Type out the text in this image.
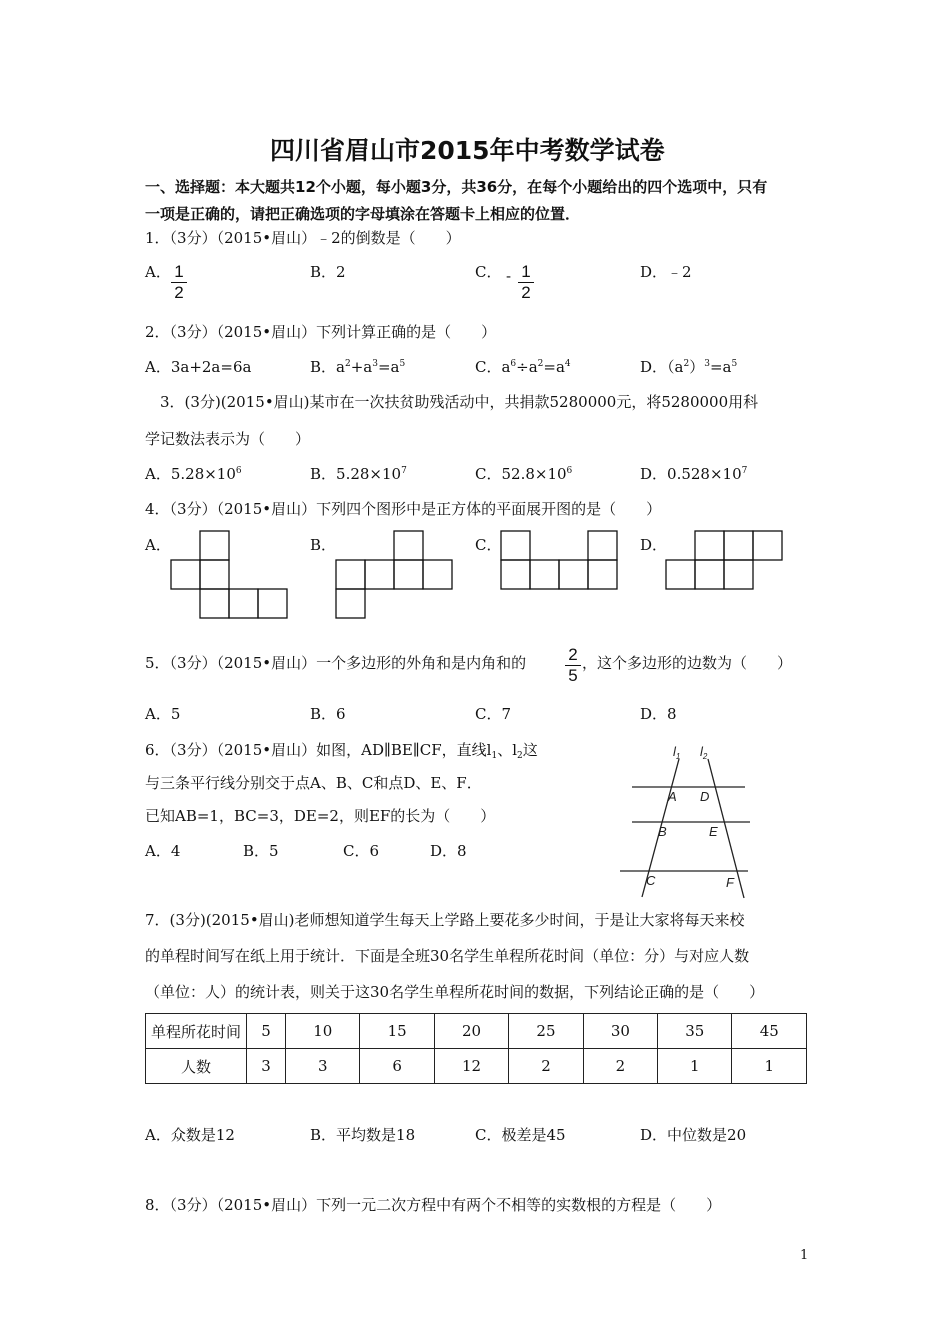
四川省眉山市2015年中考数学试卷
一、选择题：本大题共12个小题，每小题3分，共36分，在每个小题给出的四个选项中，只有
一项是正确的，请把正确选项的字母填涂在答题卡上相应的位置．
1．（3分）（2015•眉山）﹣2的倒数是（　　）
A． 1
2
B．2	C． - 1
2
D．﹣2
2．（3分）（2015•眉山）下列计算正确的是（　　）
A．3a+2a=6a	B．$a^2+a^3=a^5$	C．$a^6\div a^2=a^4$	D．$(a^2)^3=a^5$
3．(3分)(2015•眉山)某市在一次扶贫助残活动中，共捐款5280000元，将5280000用科
学记数法表示为（　　）
A．$5.28\times 10^6$	B．$5.28\times 10^7$	C．$52.8\times 10^6$	D．$0.528\times 10^7$
4．（3分）（2015•眉山）下列四个图形中是正方体的平面展开图的是（　　）
A．	B．	C．	D．
5．（3分）（2015•眉山）一个多边形的外角和是内角和的 2
5
，这个多边形的边数为（　　）
A．5	B．6	C．7	D．8
6．（3分）（2015•眉山）如图，AD∥BE∥CF，直线$l_1$、$l_2$这
与三条平行线分别交于点A、B、C和点D、E、F．
已知AB=1，BC=3，DE=2，则EF的长为（　　）
A．4	B．5	C．6	D．8
$l_1$ $l_2$
A D
B	E
C	F
7．(3分)(2015•眉山)老师想知道学生每天上学路上要花多少时间，于是让大家将每天来校
的单程时间写在纸上用于统计．下面是全班30名学生单程所花时间（单位：分）与对应人数
（单位：人）的统计表，则关于这30名学生单程所花时间的数据，下列结论正确的是（　　）
单程所花时间	5	10	15	20	25	30	35	45
人数	3	3	6	12	2	2	1	1
A．众数是12	B．平均数是18	C．极差是45	D．中位数是20
8．（3分）（2015•眉山）下列一元二次方程中有两个不相等的实数根的方程是（　　）
1
